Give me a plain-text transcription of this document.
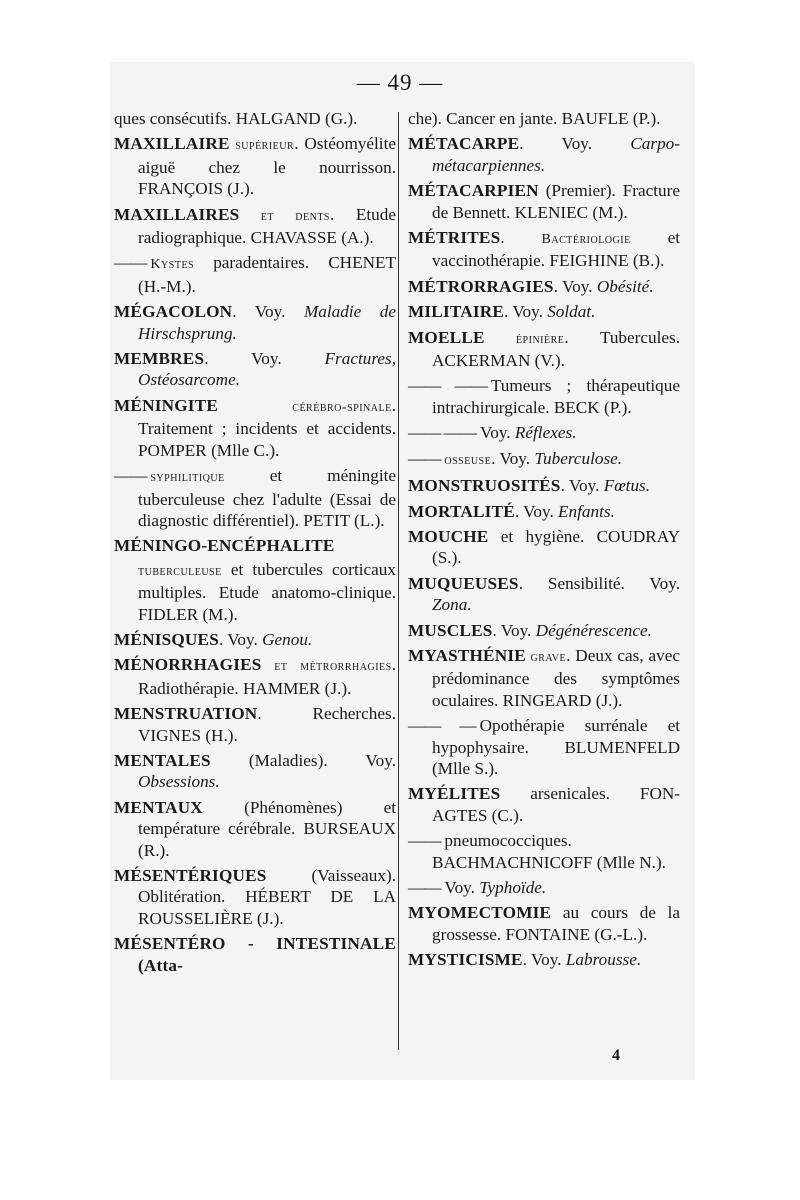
— 49 —
ques consécutifs. HALGAND (G.).
MAXILLAIRE supérieur. Ostéomyélite aiguë chez le nourrisson. FRANÇOIS (J.).
MAXILLAIRES et dents. Etude radiographique. CHAVASSE (A.).
—— Kystes paradentaires. CHENET (H.-M.).
MÉGACOLON. Voy. Maladie de Hirschsprung.
MEMBRES. Voy. Fractures, Ostéosarcome.
MÉNINGITE cérébro-spinale. Traitement ; incidents et accidents. POMPER (Mlle C.).
—— syphilitique et méningite tuberculeuse chez l'adulte (Essai de diagnostic différentiel). PETIT (L.).
MÉNINGO-ENCÉPHALITE tuberculeuse et tubercules corticaux multiples. Etude anatomo-clinique. FIDLER (M.).
MÉNISQUES. Voy. Genou.
MÉNORRHAGIES et métrorrhagies. Radiothérapie. HAMMER (J.).
MENSTRUATION. Recherches. VIGNES (H.).
MENTALES (Maladies). Voy. Obsessions.
MENTAUX (Phénomènes) et température cérébrale. BURSEAUX (R.).
MÉSENTÉRIQUES (Vaisseaux). Oblitération. HÉBERT DE LA ROUSSELIÈRE (J.).
MÉSENTÉRO - INTESTINALE (Atta-
che). Cancer en jante. BAUFLE (P.).
MÉTACARPE. Voy. Carpo-métacarpiennes.
MÉTACARPIEN (Premier). Fracture de Bennett. KLENIEC (M.).
MÉTRITES. Bactériologie et vaccinothérapie. FEIGHINE (B.).
MÉTRORRAGIES. Voy. Obésité.
MILITAIRE. Voy. Soldat.
MOELLE épinière. Tubercules. ACKERMAN (V.).
—— —— Tumeurs ; thérapeutique intrachirurgicale. BECK (P.).
—— —— Voy. Réflexes.
—— osseuse. Voy. Tuberculose.
MONSTRUOSITÉS. Voy. Fœtus.
MORTALITÉ. Voy. Enfants.
MOUCHE et hygiène. COUDRAY (S.).
MUQUEUSES. Sensibilité. Voy. Zona.
MUSCLES. Voy. Dégénérescence.
MYASTHÉNIE grave. Deux cas, avec prédominance des symptômes oculaires. RINGEARD (J.).
—— — Opothérapie surrénale et hypophysaire. BLUMENFELD (Mlle S.).
MYÉLITES arsenicales. FON-AGTES (C.).
—— pneumococciques. BACHMACHNICOFF (Mlle N.).
—— Voy. Typhoïde.
MYOMECTOMIE au cours de la grossesse. FONTAINE (G.-L.).
MYSTICISME. Voy. Labrousse.
4
